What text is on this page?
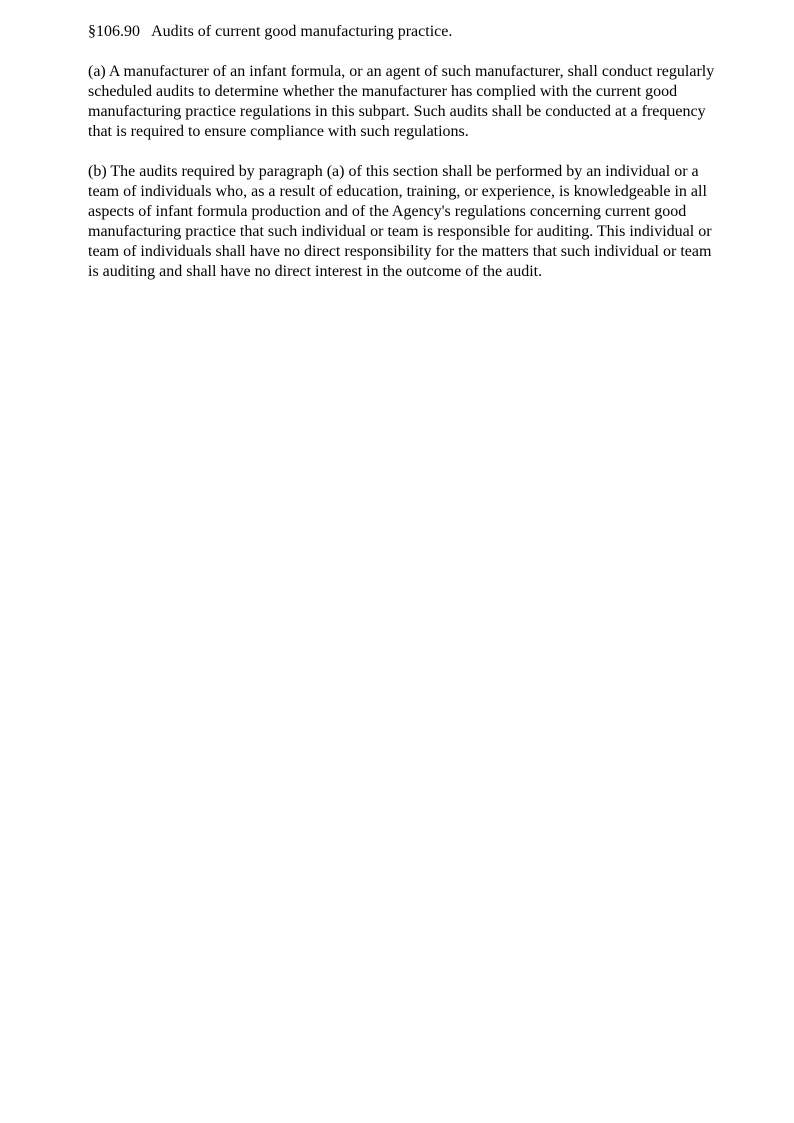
§106.90   Audits of current good manufacturing practice.

(a) A manufacturer of an infant formula, or an agent of such manufacturer, shall conduct regularly scheduled audits to determine whether the manufacturer has complied with the current good manufacturing practice regulations in this subpart. Such audits shall be conducted at a frequency that is required to ensure compliance with such regulations.

(b) The audits required by paragraph (a) of this section shall be performed by an individual or a team of individuals who, as a result of education, training, or experience, is knowledgeable in all aspects of infant formula production and of the Agency's regulations concerning current good manufacturing practice that such individual or team is responsible for auditing. This individual or team of individuals shall have no direct responsibility for the matters that such individual or team is auditing and shall have no direct interest in the outcome of the audit.
